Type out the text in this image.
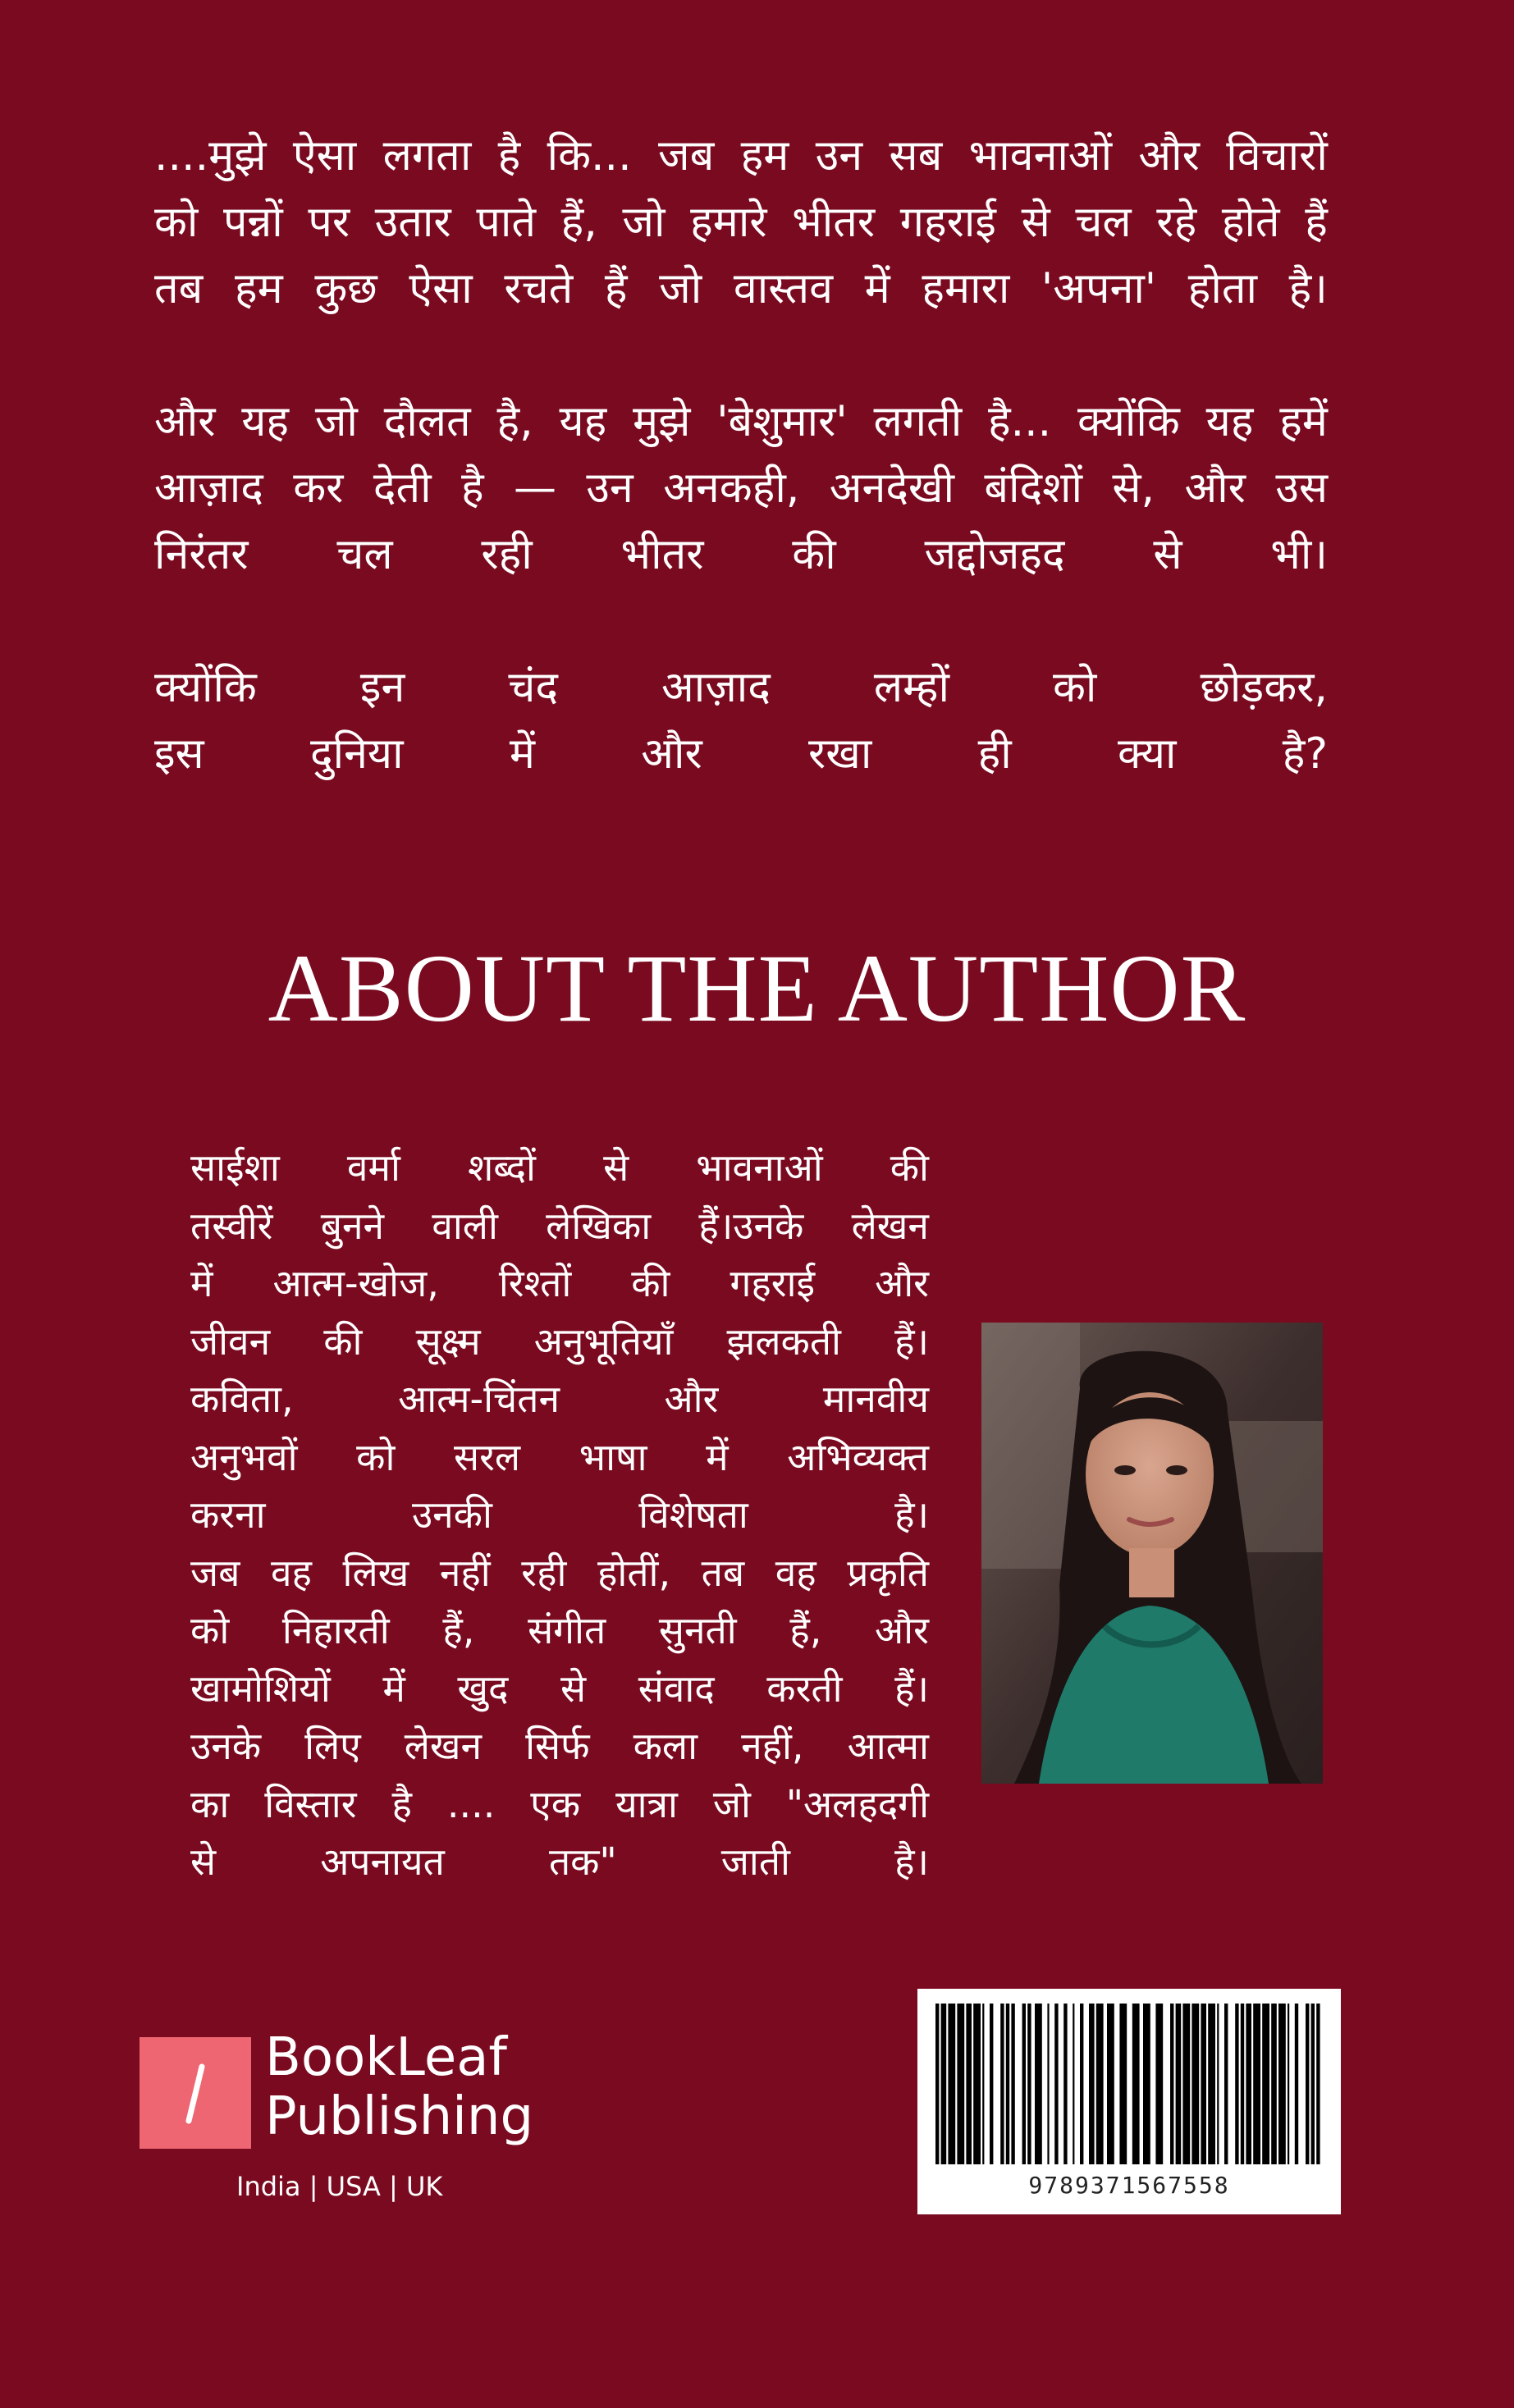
....मुझे ऐसा लगता है कि... जब हम उन सब भावनाओं और विचारों
को पन्नों पर उतार पाते हैं, जो हमारे भीतर गहराई से चल रहे होते हैं
तब हम कुछ ऐसा रचते हैं जो वास्तव में हमारा 'अपना' होता है।
और यह जो दौलत है, यह मुझे 'बेशुमार' लगती है... क्योंकि यह हमें
आज़ाद कर देती है — उन अनकही, अनदेखी बंदिशों से, और उस
निरंतर चल रही भीतर की जद्दोजहद से भी।
क्योंकि इन चंद आज़ाद लम्हों को छोड़कर,
इस दुनिया में और रखा ही क्या है?
ABOUT THE AUTHOR
साईशा वर्मा शब्दों से भावनाओं की
तस्वीरें बुनने वाली लेखिका हैं।उनके लेखन
में आत्म-खोज, रिश्तों की गहराई और
जीवन की सूक्ष्म अनुभूतियाँ झलकती हैं।
कविता,	आत्म-चिंतन	और	मानवीय
अनुभवों को सरल भाषा में अभिव्यक्त
करना	उनकी	विशेषता	है।
जब वह लिख नहीं रही होतीं, तब वह प्रकृति
को निहारती हैं, संगीत सुनती हैं, और
खामोशियों में खुद से संवाद करती हैं।
उनके लिए लेखन सिर्फ कला नहीं, आत्मा
का विस्तार है .... एक यात्रा जो "अलहदगी
से	अपनायत	तक"	जाती	है।
9789371567558
BookLeaf
Publishing
India | USA | UK
